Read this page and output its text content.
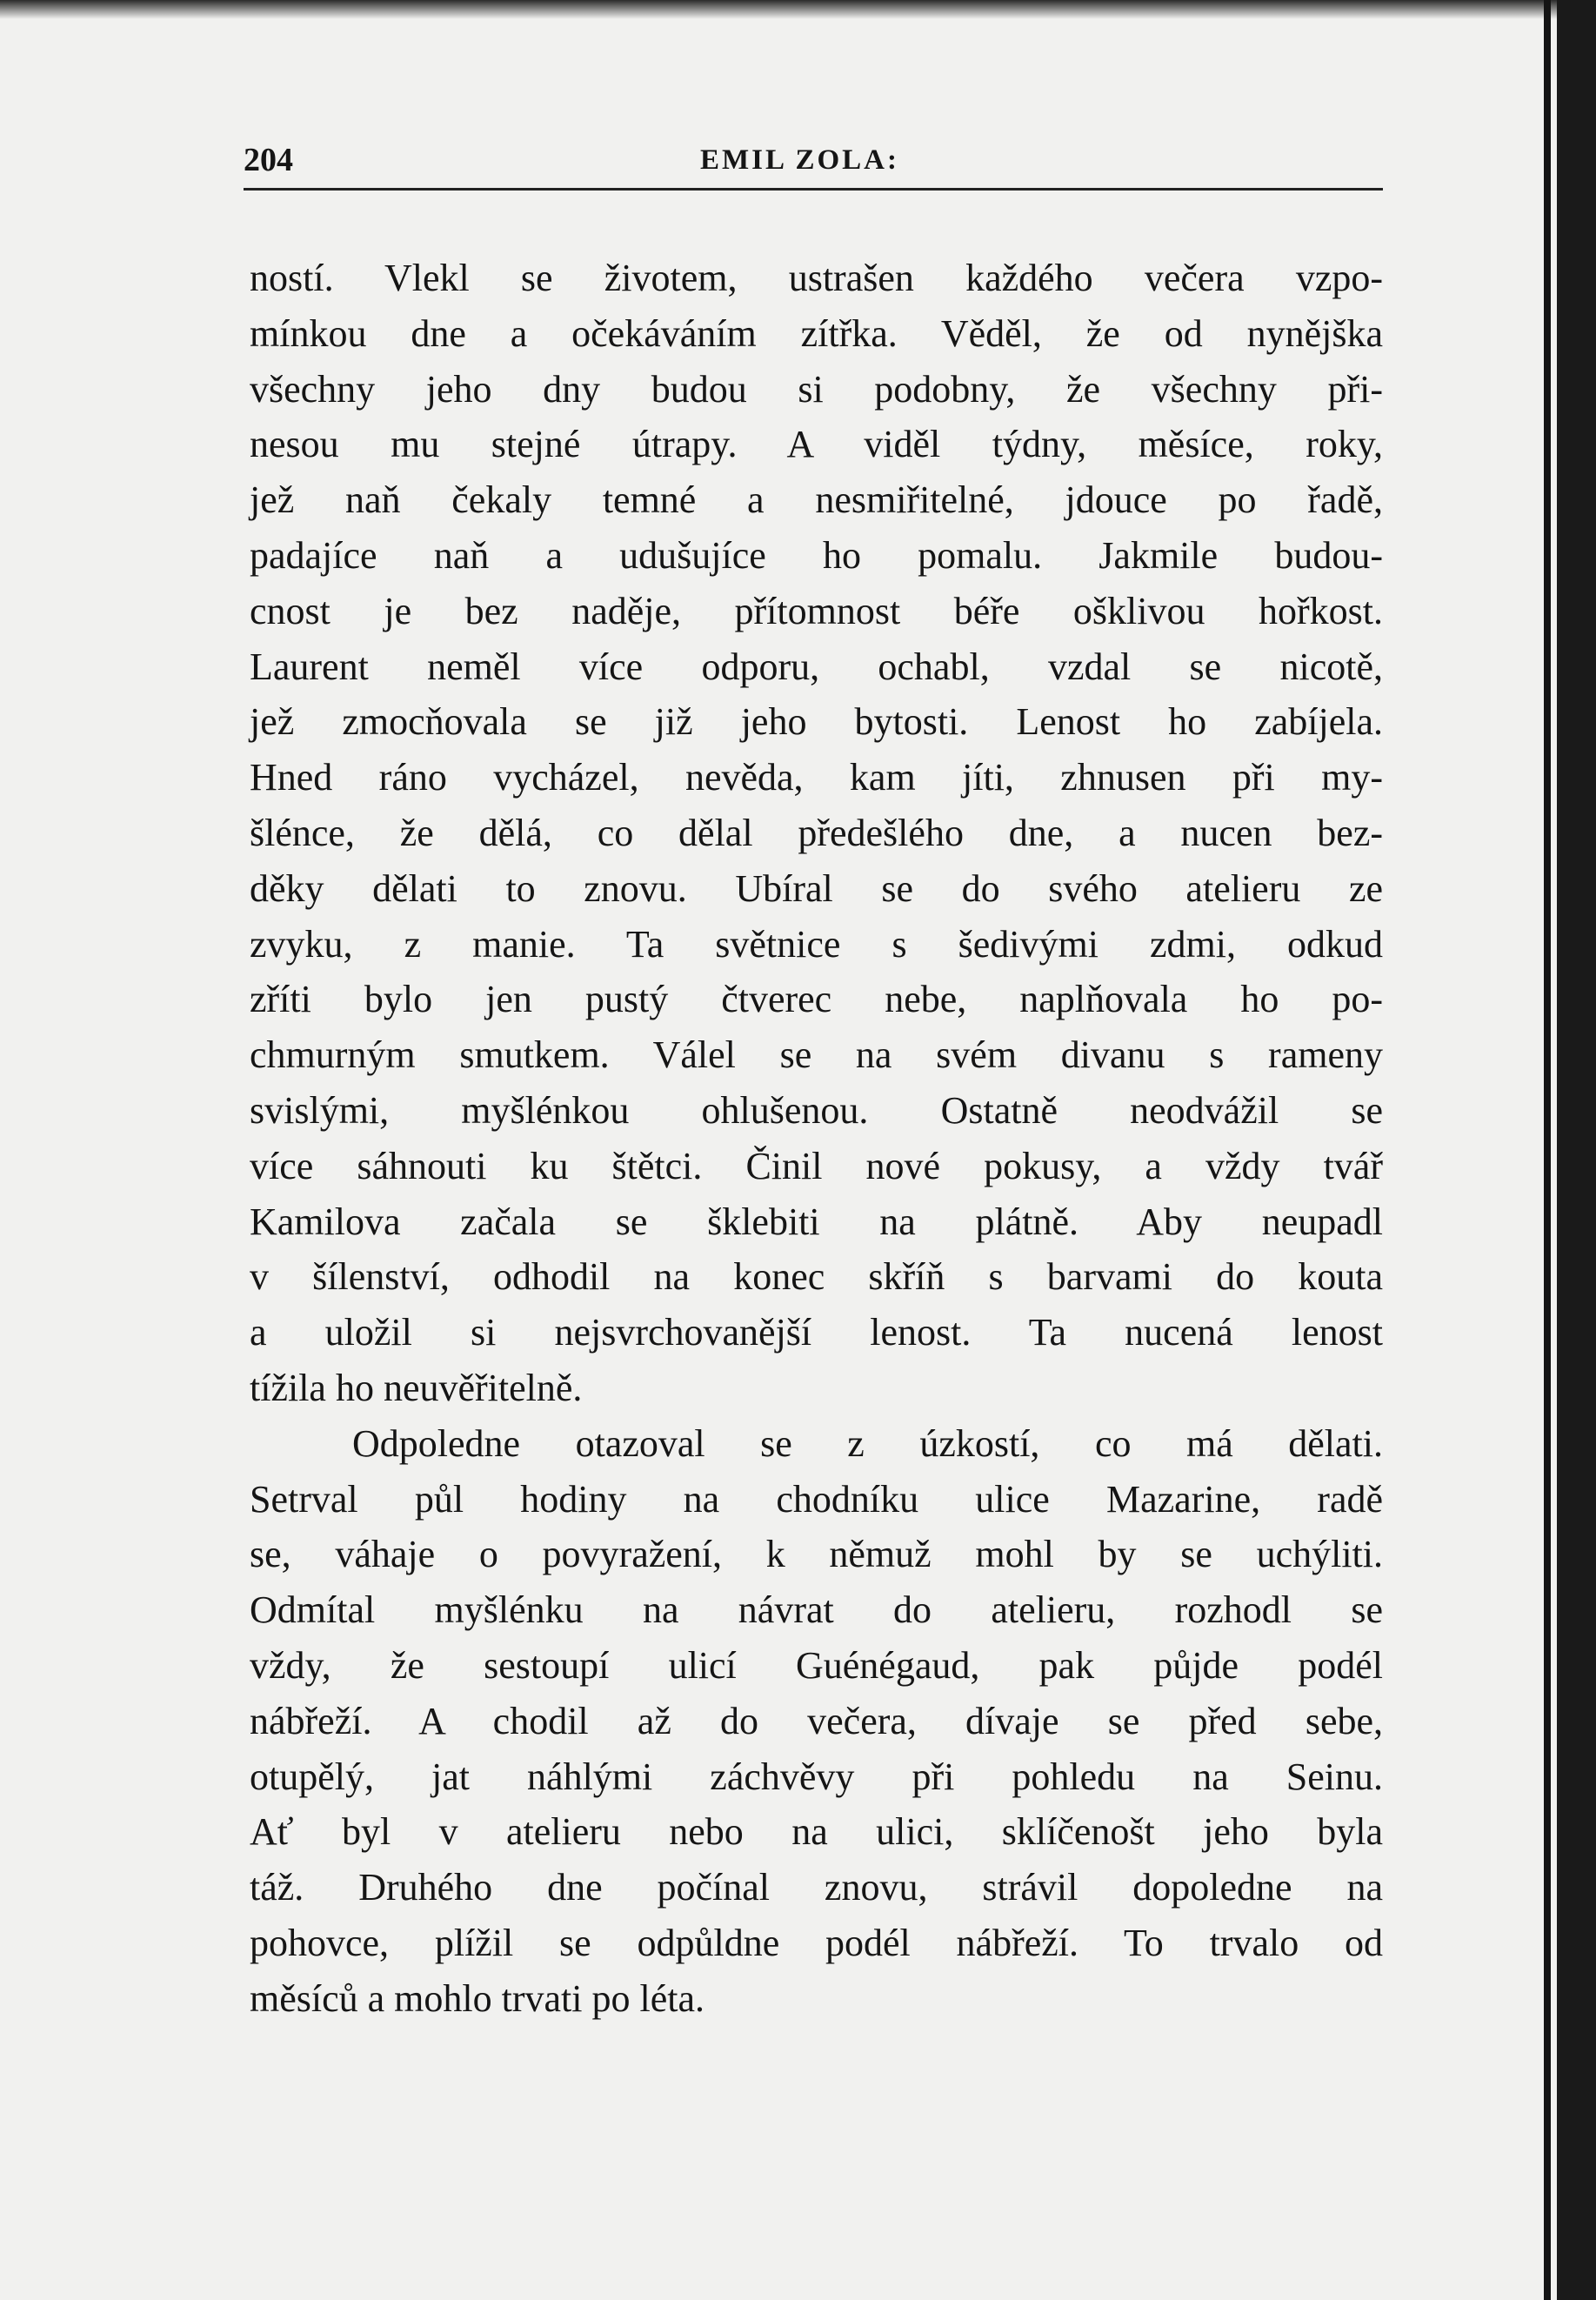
204	EMIL ZOLA:
ností. Vlekl se životem, ustrašen každého večera vzpo-
mínkou dne a očekáváním zítřka. Věděl, že od nynějška
všechny jeho dny budou si podobny, že všechny při-
nesou mu stejné útrapy. A viděl týdny, měsíce, roky,
jež naň čekaly temné a nesmiřitelné, jdouce po řadě,
padajíce naň a udušujíce ho pomalu. Jakmile budou-
cnost je bez naděje, přítomnost béře ošklivou hořkost.
Laurent neměl více odporu, ochabl, vzdal se nicotě,
jež zmocňovala se již jeho bytosti. Lenost ho zabíjela.
Hned ráno vycházel, nevěda, kam jíti, zhnusen při my-
šlénce, že dělá, co dělal předešlého dne, a nucen bez-
děky dělati to znovu. Ubíral se do svého atelieru ze
zvyku, z manie. Ta světnice s šedivými zdmi, odkud
zříti bylo jen pustý čtverec nebe, naplňovala ho po-
chmurným smutkem. Válel se na svém divanu s rameny
svislými, myšlénkou ohlušenou. Ostatně neodvážil se
více sáhnouti ku štětci. Činil nové pokusy, a vždy tvář
Kamilova začala se šklebiti na plátně. Aby neupadl
v šílenství, odhodil na konec skříň s barvami do kouta
a uložil si nejsvrchovanější lenost. Ta nucená lenost
tížila ho neuvěřitelně.
Odpoledne otazoval se z úzkostí, co má dělati.
Setrval půl hodiny na chodníku ulice Mazarine, radě
se, váhaje o povyražení, k němuž mohl by se uchýliti.
Odmítal myšlénku na návrat do atelieru, rozhodl se
vždy, že sestoupí ulicí Guénégaud, pak půjde podél
nábřeží. A chodil až do večera, dívaje se před sebe,
otupělý, jat náhlými záchvěvy při pohledu na Seinu.
Ať byl v atelieru nebo na ulici, sklíčenošt jeho byla
táž. Druhého dne počínal znovu, strávil dopoledne na
pohovce, plížil se odpůldne podél nábřeží. To trvalo od
měsíců a mohlo trvati po léta.
